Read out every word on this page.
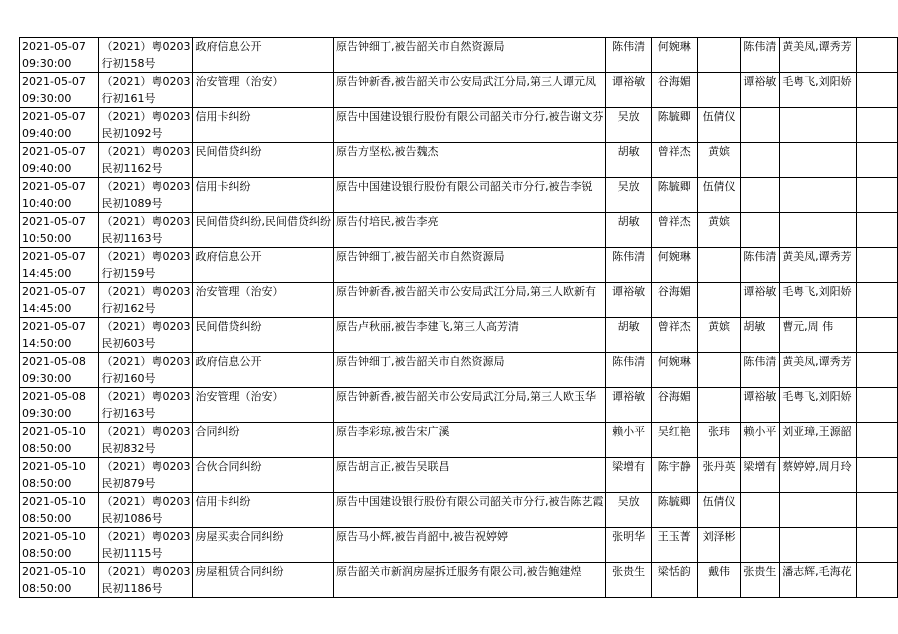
2021-05-07
09:30:00	（2021）粤0203
行初158号	政府信息公开	原告钟细丁,被告韶关市自然资源局	陈伟清	何婉琳		陈伟清	黄美凤,谭秀芳	

2021-05-07
09:30:00	（2021）粤0203
行初161号	治安管理（治安）	原告钟新香,被告韶关市公安局武江分局,第三人谭元凤	谭裕敏	谷海媚		谭裕敏	毛粤飞,刘阳娇	

2021-05-07
09:40:00	（2021）粤0203
民初1092号	信用卡纠纷	原告中国建设银行股份有限公司韶关市分行,被告谢文芬	吴放	陈毓卿	伍倩仪			

2021-05-07
09:40:00	（2021）粤0203
民初1162号	民间借贷纠纷	原告方坚松,被告魏杰	胡敏	曾祥杰	黄嫔			

2021-05-07
10:40:00	（2021）粤0203
民初1089号	信用卡纠纷	原告中国建设银行股份有限公司韶关市分行,被告李锐	吴放	陈毓卿	伍倩仪			

2021-05-07
10:50:00	（2021）粤0203
民初1163号	民间借贷纠纷,民间借贷纠纷	原告付培民,被告李亮	胡敏	曾祥杰	黄嫔			

2021-05-07
14:45:00	（2021）粤0203
行初159号	政府信息公开	原告钟细丁,被告韶关市自然资源局	陈伟清	何婉琳		陈伟清	黄美凤,谭秀芳	

2021-05-07
14:45:00	（2021）粤0203
行初162号	治安管理（治安）	原告钟新香,被告韶关市公安局武江分局,第三人欧新有	谭裕敏	谷海媚		谭裕敏	毛粤飞,刘阳娇	

2021-05-07
14:50:00	（2021）粤0203
民初603号	民间借贷纠纷	原告卢秋丽,被告李建飞,第三人高芳清	胡敏	曾祥杰	黄嫔	胡敏	曹元,周 伟	

2021-05-08
09:30:00	（2021）粤0203
行初160号	政府信息公开	原告钟细丁,被告韶关市自然资源局	陈伟清	何婉琳		陈伟清	黄美凤,谭秀芳	

2021-05-08
09:30:00	（2021）粤0203
行初163号	治安管理（治安）	原告钟新香,被告韶关市公安局武江分局,第三人欧玉华	谭裕敏	谷海媚		谭裕敏	毛粤飞,刘阳娇	

2021-05-10
08:50:00	（2021）粤0203
民初832号	合同纠纷	原告李彩琼,被告宋广溪	赖小平	吴红艳	张玮	赖小平	刘亚璋,王源韶	

2021-05-10
08:50:00	（2021）粤0203
民初879号	合伙合同纠纷	原告胡言正,被告吴联昌	梁增有	陈宇静	张丹英	梁增有	蔡婷婷,周月玲	

2021-05-10
08:50:00	（2021）粤0203
民初1086号	信用卡纠纷	原告中国建设银行股份有限公司韶关市分行,被告陈艺霞	吴放	陈毓卿	伍倩仪			

2021-05-10
08:50:00	（2021）粤0203
民初1115号	房屋买卖合同纠纷	原告马小辉,被告肖韶中,被告祝婷婷	张明华	王玉菁	刘泽彬			

2021-05-10
08:50:00	（2021）粤0203
民初1186号	房屋租赁合同纠纷	原告韶关市新润房屋拆迁服务有限公司,被告鲍建煌	张贵生	梁恬韵	戴伟	张贵生	潘志辉,毛海花	
